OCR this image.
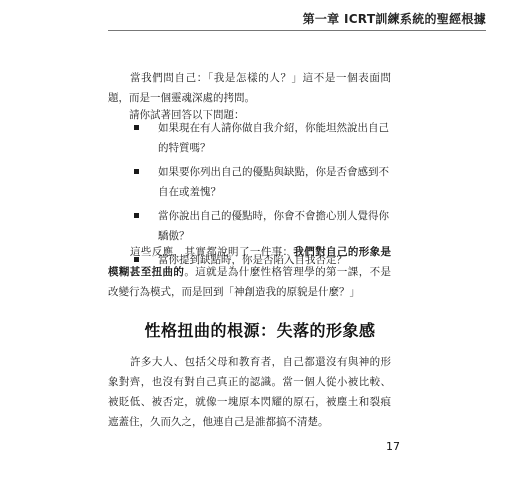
第一章 ICRT訓練系統的聖經根據
當我們問自己：「我是怎樣的人？」這不是一個表面問題，而是一個靈魂深處的拷問。
請你試著回答以下問題：
如果現在有人請你做自我介紹，你能坦然說出自己的特質嗎？
如果要你列出自己的優點與缺點，你是否會感到不自在或羞愧？
當你說出自己的優點時，你會不會擔心別人覺得你驕傲？
當你提到缺點時，你是否陷入自我否定？
這些反應，其實都說明了一件事：我們對自己的形象是模糊甚至扭曲的。這就是為什麼性格管理學的第一課，不是改變行為模式，而是回到「神創造我的原貌是什麼？」
性格扭曲的根源：失落的形象感
許多大人、包括父母和教育者，自己都還沒有與神的形象對齊，也沒有對自己真正的認識。當一個人從小被比較、被貶低、被否定，就像一塊原本閃耀的原石，被塵土和裂痕遮蓋住，久而久之，他連自己是誰都搞不清楚。
17
